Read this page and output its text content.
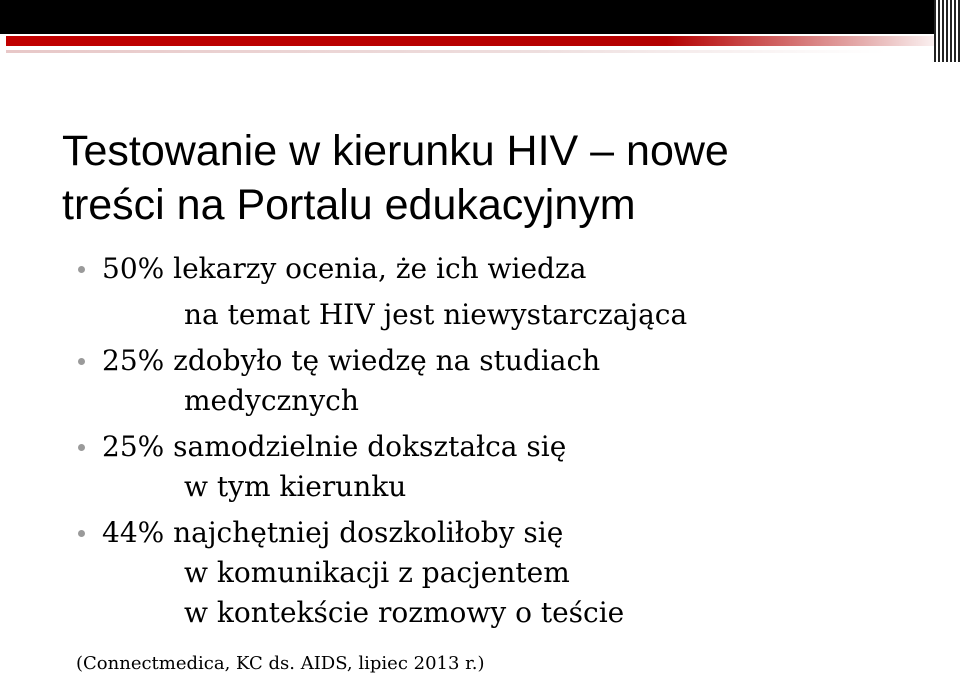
Testowanie w kierunku HIV – nowe
treści na Portalu edukacyjnym
50% lekarzy ocenia, że ich wiedza
na temat HIV jest niewystarczająca
25% zdobyło tę wiedzę na studiach
medycznych
25% samodzielnie dokształca się
w tym kierunku
44% najchętniej doszkoliłoby się
w komunikacji z pacjentem
w kontekście rozmowy o teście
(Connectmedica, KC ds. AIDS, lipiec 2013 r.)
